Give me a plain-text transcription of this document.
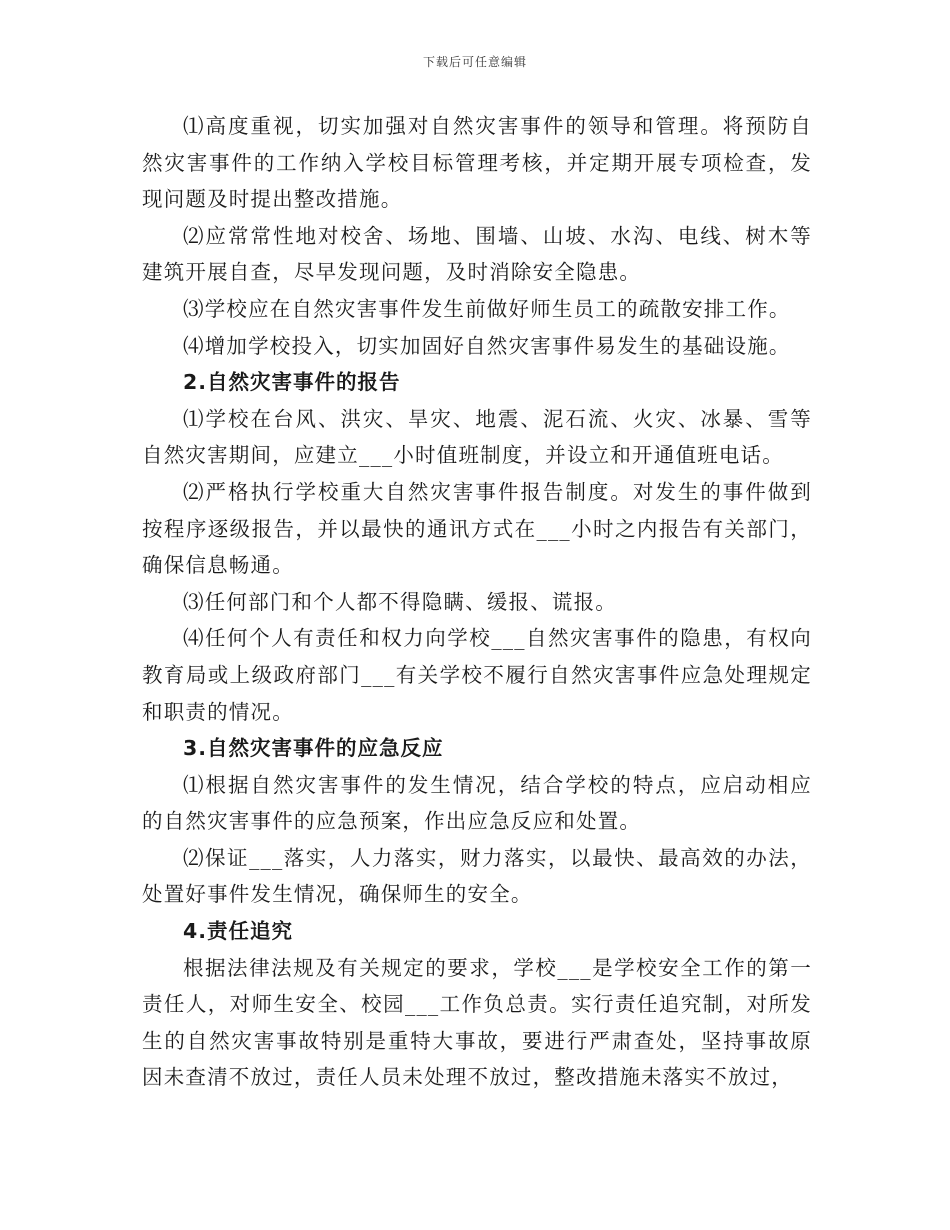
下载后可任意编辑

⑴高度重视，切实加强对自然灾害事件的领导和管理。将预防自然灾害事件的工作纳入学校目标管理考核，并定期开展专项检查，发现问题及时提出整改措施。

⑵应常常性地对校舍、场地、围墙、山坡、水沟、电线、树木等建筑开展自查，尽早发现问题，及时消除安全隐患。

⑶学校应在自然灾害事件发生前做好师生员工的疏散安排工作。

⑷增加学校投入，切实加固好自然灾害事件易发生的基础设施。

2.自然灾害事件的报告

⑴学校在台风、洪灾、旱灾、地震、泥石流、火灾、冰暴、雪等自然灾害期间，应建立___小时值班制度，并设立和开通值班电话。

⑵严格执行学校重大自然灾害事件报告制度。对发生的事件做到按程序逐级报告，并以最快的通讯方式在___小时之内报告有关部门，确保信息畅通。

⑶任何部门和个人都不得隐瞒、缓报、谎报。

⑷任何个人有责任和权力向学校___自然灾害事件的隐患，有权向教育局或上级政府部门___有关学校不履行自然灾害事件应急处理规定和职责的情况。

3.自然灾害事件的应急反应

⑴根据自然灾害事件的发生情况，结合学校的特点，应启动相应的自然灾害事件的应急预案，作出应急反应和处置。

⑵保证___落实，人力落实，财力落实，以最快、最高效的办法，处置好事件发生情况，确保师生的安全。

4.责任追究

根据法律法规及有关规定的要求，学校___是学校安全工作的第一责任人，对师生安全、校园___工作负总责。实行责任追究制，对所发生的自然灾害事故特别是重特大事故，要进行严肃查处，坚持事故原因未查清不放过，责任人员未处理不放过，整改措施未落实不放过，
